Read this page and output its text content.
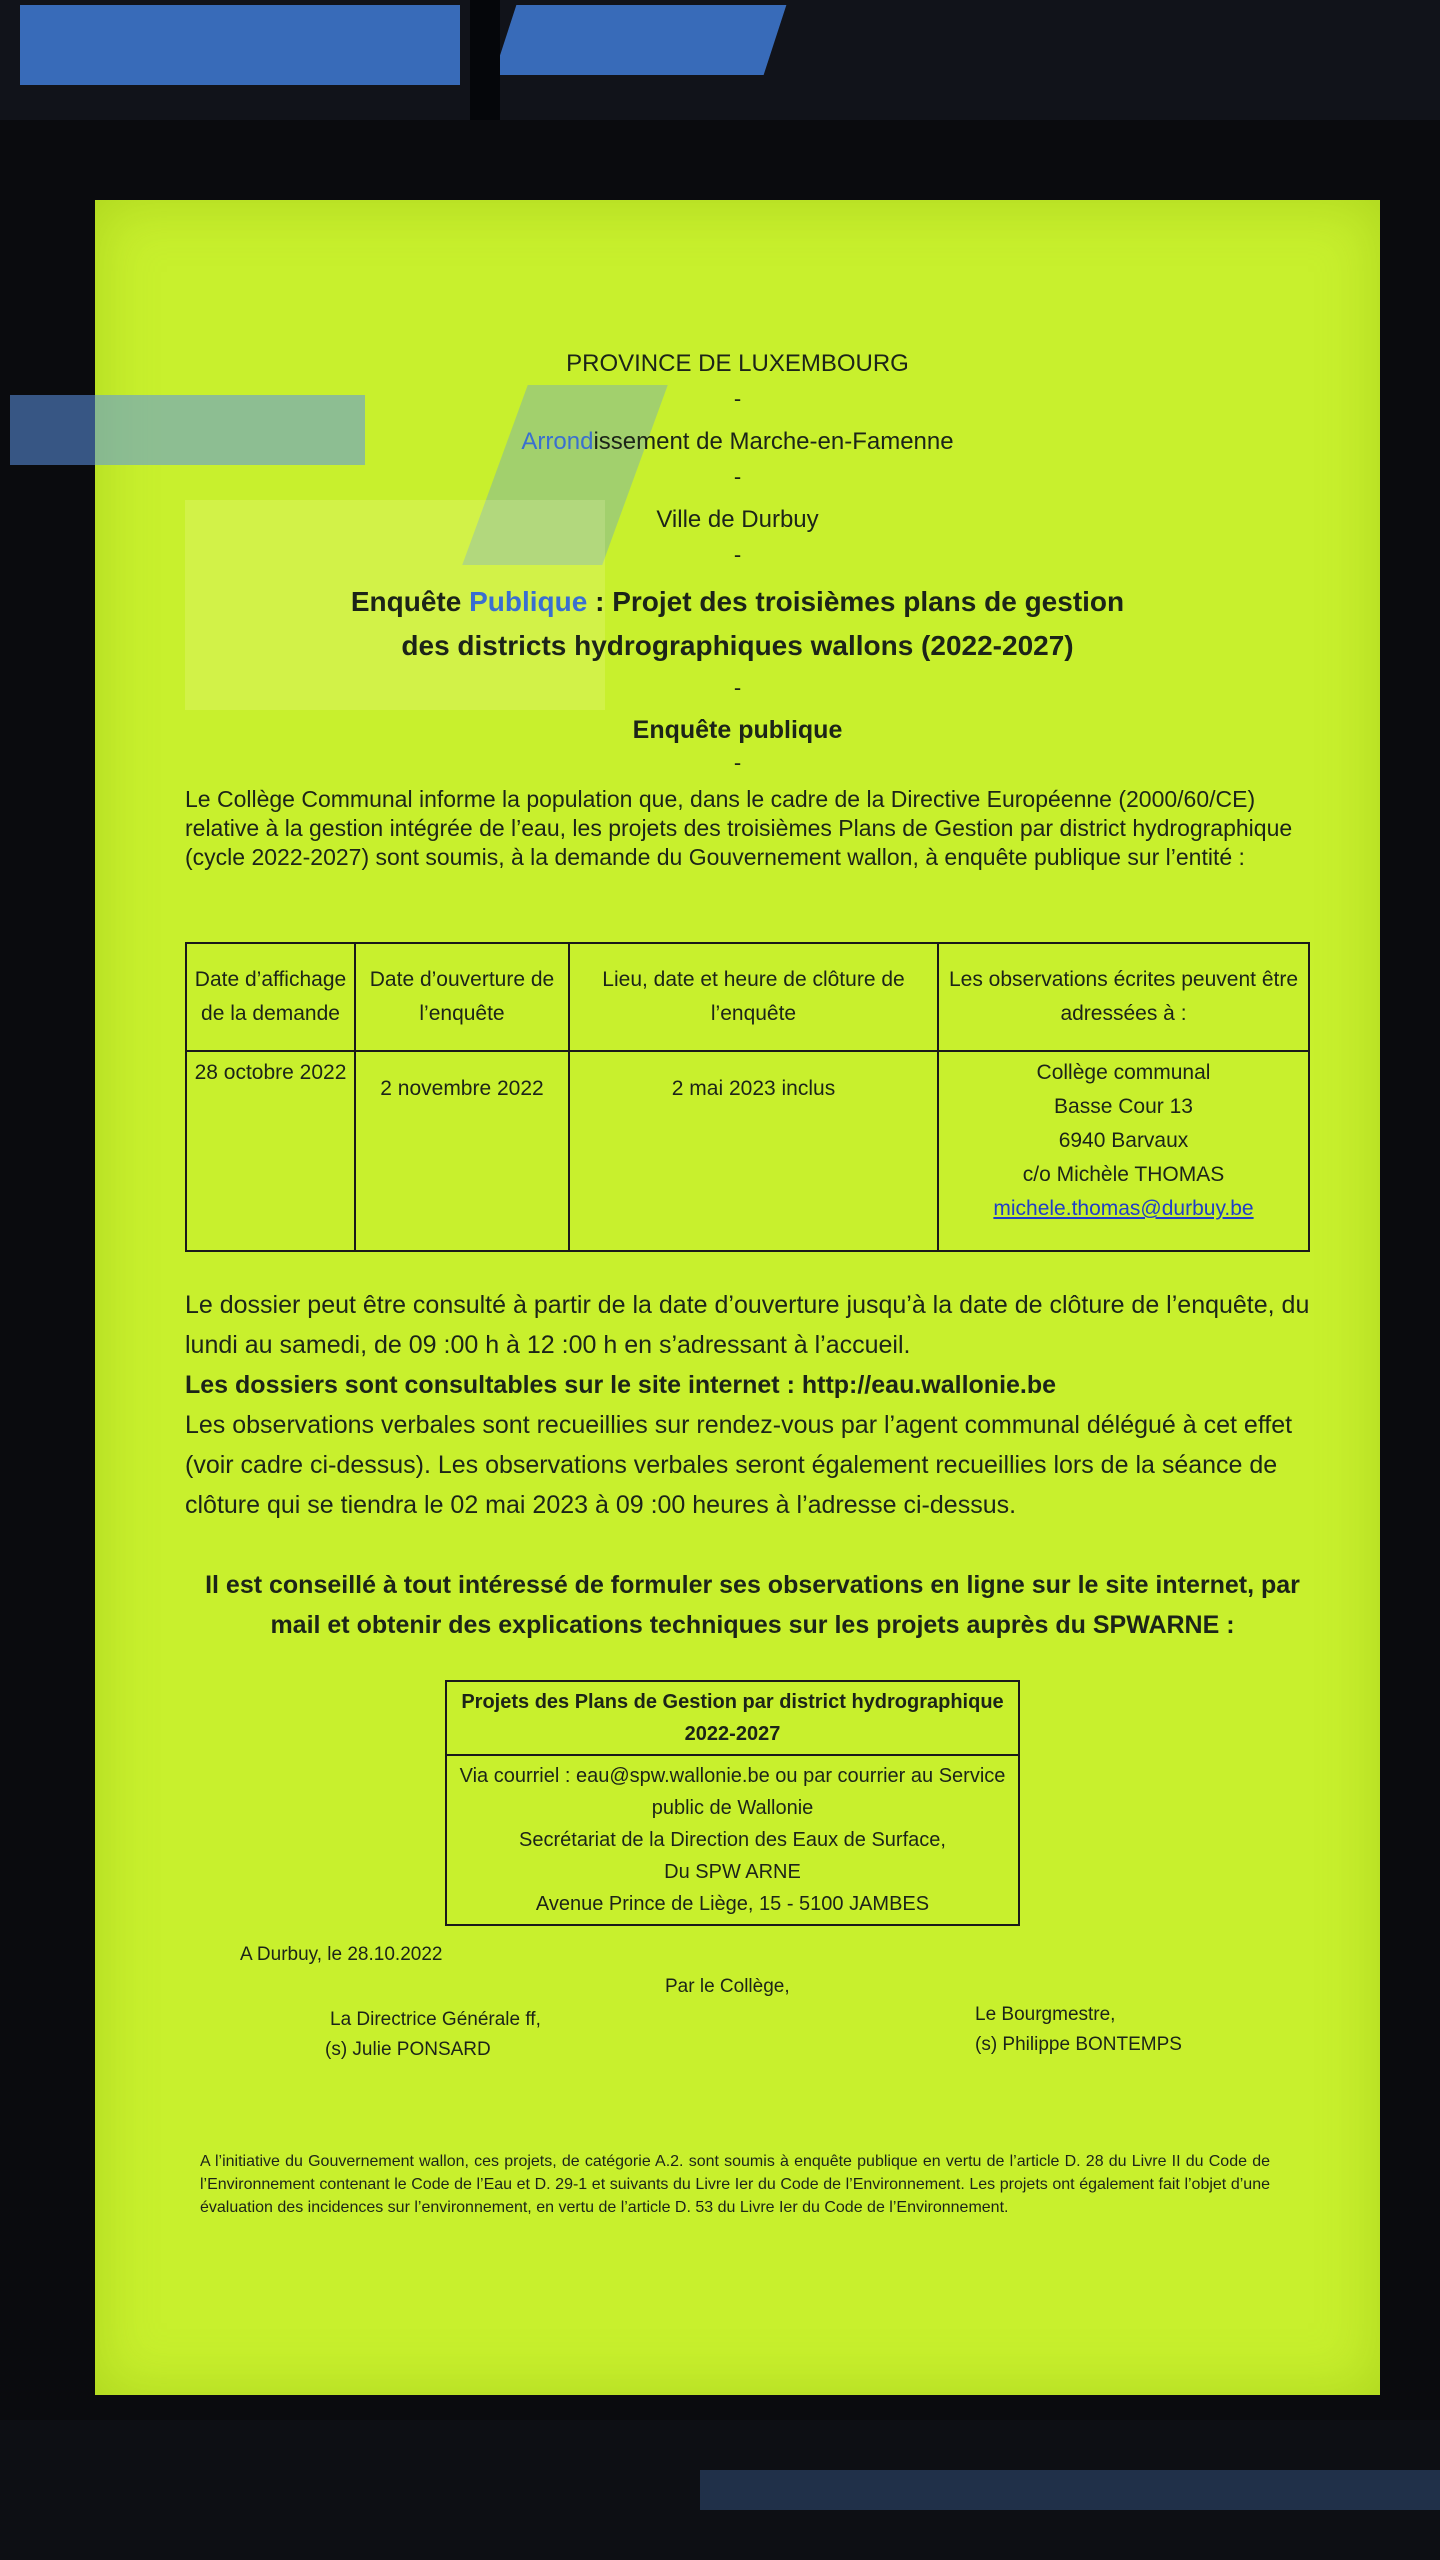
PROVINCE DE LUXEMBOURG
-
Arrondissement de Marche-en-Famenne
-
Ville de Durbuy
-
Enquête Publique : Projet des troisièmes plans de gestion
des districts hydrographiques wallons (2022-2027)
-
Enquête publique
-
Le Collège Communal informe la population que, dans le cadre de la Directive Européenne (2000/60/CE) relative à la gestion intégrée de l’eau, les projets des troisièmes Plans de Gestion par district hydrographique (cycle 2022-2027) sont soumis, à la demande du Gouvernement wallon, à enquête publique sur l’entité :
Date d’affichage de la demande	Date d’ouverture de l’enquête	Lieu, date et heure de clôture de l’enquête	Les observations écrites peuvent être adressées à :
28 octobre 2022	2 novembre 2022	2 mai 2023 inclus	Collège communal
Basse Cour 13
6940 Barvaux
c/o Michèle THOMAS
michele.thomas@durbuy.be
Le dossier peut être consulté à partir de la date d’ouverture jusqu’à la date de clôture de l’enquête, du lundi au samedi, de 09 :00 h à 12 :00 h en s’adressant à l’accueil.
Les dossiers sont consultables sur le site internet : http://eau.wallonie.be
Les observations verbales sont recueillies sur rendez-vous par l’agent communal délégué à cet effet (voir cadre ci-dessus). Les observations verbales seront également recueillies lors de la séance de clôture qui se tiendra le 02 mai 2023 à 09 :00 heures à l’adresse ci-dessus.
Il est conseillé à tout intéressé de formuler ses observations en ligne sur le site internet, par mail et obtenir des explications techniques sur les projets auprès du SPWARNE :
Projets des Plans de Gestion par district hydrographique 2022-2027

Via courriel : eau@spw.wallonie.be ou par courrier au Service public de Wallonie
Secrétariat de la Direction des Eaux de Surface,
Du SPW ARNE
Avenue Prince de Liège, 15 - 5100 JAMBES
A Durbuy, le 28.10.2022
Par le Collège,
La Directrice Générale ff,
(s) Julie PONSARD
Le Bourgmestre,
(s) Philippe BONTEMPS
A l’initiative du Gouvernement wallon, ces projets, de catégorie A.2. sont soumis à enquête publique en vertu de l’article D. 28 du Livre II du Code de l’Environnement contenant le Code de l’Eau et D. 29-1 et suivants du Livre Ier du Code de l’Environnement. Les projets ont également fait l’objet d’une évaluation des incidences sur l’environnement, en vertu de l’article D. 53 du Livre Ier du Code de l’Environnement.
